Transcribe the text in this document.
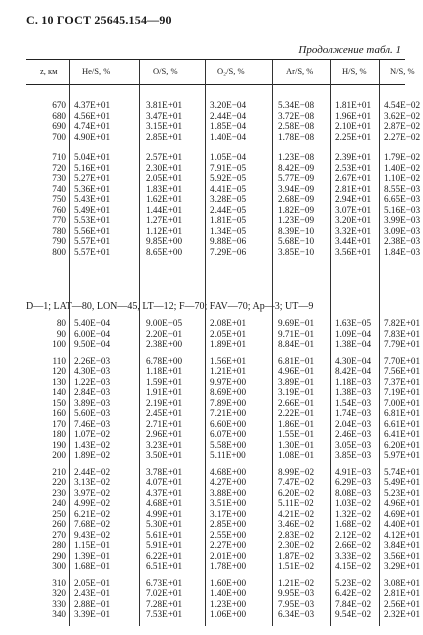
С. 10 ГОСТ 25645.154—90
Продолжение табл. 1
z, км	He/S, %	O/S, %	O₂/S, %	Ar/S, %	H/S, %	N/S, %
D—1; LAT—80, LON—45, LT—12; F—70; FAV—70; Ap—3; UT—9
670 4.37E+01	3.81E+01	3.20E−04	5.34E−08 1.81E+01 4.54E−02
680 4.56E+01	3.47E+01	2.44E−04	3.72E−08 1.96E+01 3.62E−02
690 4.74E+01	3.15E+01	1.85E−04	2.58E−08 2.10E+01 2.87E−02
700 4.90E+01	2.85E+01	1.40E−04	1.78E−08 2.25E+01 2.27E−02
710 5.04E+01	2.57E+01	1.05E−04	1.23E−08 2.39E+01 1.79E−02
720 5.16E+01	2.30E+01	7.91E−05	8.42E−09 2.53E+01 1.40E−02
730 5.27E+01	2.05E+01	5.92E−05	5.77E−09 2.67E+01 1.10E−02
740 5.36E+01	1.83E+01	4.41E−05	3.94E−09 2.81E+01 8.55E−03
750 5.43E+01	1.62E+01	3.28E−05	2.68E−09 2.94E+01 6.65E−03
760 5.49E+01	1.44E+01	2.44E−05	1.82E−09 3.07E+01 5.16E−03
770 5.53E+01	1.27E+01	1.81E−05	1.23E−09 3.20E+01 3.99E−03
780 5.56E+01	1.12E+01	1.34E−05	8.39E−10 3.32E+01 3.09E−03
790 5.57E+01	9.85E+00	9.88E−06	5.68E−10 3.44E+01 2.38E−03
800 5.57E+01	8.65E+00	7.29E−06	3.85E−10 3.56E+01 1.84E−03
80 5.40E−04	9.00E−05	2.08E+01	9.69E−01 1.63E−05 7.82E+01
90 6.00E−04	2.20E−01	2.05E+01	9.71E−01 1.09E−04 7.83E+01
100 9.50E−04	2.38E+00	1.89E+01	8.84E−01 1.38E−04 7.79E+01
110 2.26E−03	6.78E+00	1.56E+01	6.81E−01 4.30E−04 7.70E+01
120 4.30E−03	1.18E+01	1.21E+01	4.96E−01 8.42E−04 7.56E+01
130 1.22E−03	1.59E+01	9.97E+00	3.89E−01 1.18E−03 7.37E+01
140 2.84E−03	1.91E+01	8.69E+00	3.19E−01 1.38E−03 7.19E+01
150 3.89E−03	2.19E+01	7.89E+00	2.66E−01 1.54E−03 7.00E+01
160 5.60E−03	2.45E+01	7.21E+00	2.22E−01 1.74E−03 6.81E+01
170 7.46E−03	2.71E+01	6.60E+00	1.86E−01 2.04E−03 6.61E+01
180 1.07E−02	2.96E+01	6.07E+00	1.55E−01 2.46E−03 6.41E+01
190 1.43E−02	3.23E+01	5.58E+00	1.30E−01 3.05E−03 6.20E+01
200 1.89E−02	3.50E+01	5.11E+00	1.08E−01 3.85E−03 5.97E+01
210 2.44E−02	3.78E+01	4.68E+00	8.99E−02 4.91E−03 5.74E+01
220 3.13E−02	4.07E+01	4.27E+00	7.47E−02 6.29E−03 5.49E+01
230 3.97E−02	4.37E+01	3.88E+00	6.20E−02 8.08E−03 5.23E+01
240 4.99E−02	4.68E+01	3.51E+00	5.11E−02 1.03E−02 4.96E+01
250 6.21E−02	4.99E+01	3.17E+00	4.21E−02 1.32E−02 4.69E+01
260 7.68E−02	5.30E+01	2.85E+00	3.46E−02 1.68E−02 4.40E+01
270 9.43E−02	5.61E+01	2.55E+00	2.83E−02 2.12E−02 4.12E+01
280 1.15E−01	5.91E+01	2.27E+00	2.30E−02 2.66E−02 3.84E+01
290 1.39E−01	6.22E+01	2.01E+00	1.87E−02 3.33E−02 3.56E+01
300 1.68E−01	6.51E+01	1.78E+00	1.51E−02 4.15E−02 3.29E+01
310 2.05E−01	6.73E+01	1.60E+00	1.21E−02 5.23E−02 3.08E+01
320 2.43E−01	7.02E+01	1.40E+00	9.95E−03 6.42E−02 2.81E+01
330 2.88E−01	7.28E+01	1.23E+00	7.95E−03 7.84E−02 2.56E+01
340 3.39E−01	7.53E+01	1.06E+00	6.34E−03 9.54E−02 2.32E+01
